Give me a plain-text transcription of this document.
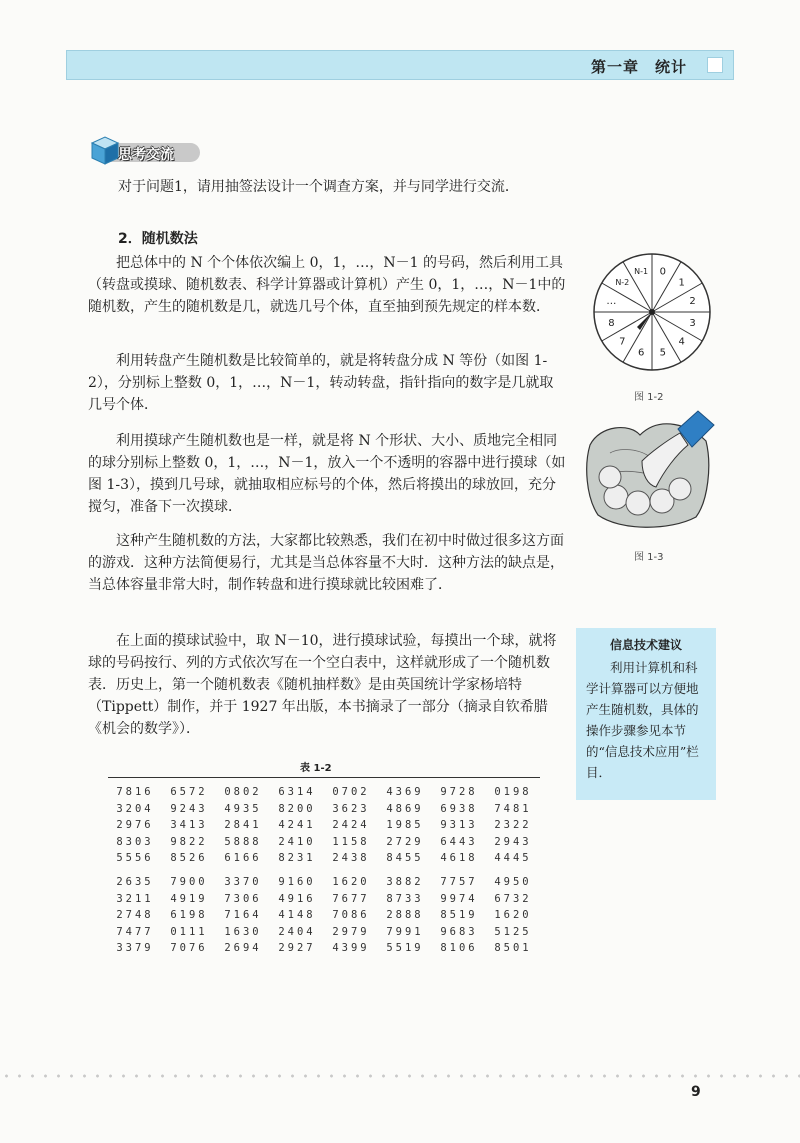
第一章　统计
思考交流

对于问题1，请用抽签法设计一个调查方案，并与同学进行交流．

2．随机数法

把总体中的 N 个个体依次编上 0，1，…，N－1 的号码，然后利用工具（转盘或摸球、随机数表、科学计算器或计算机）产生 0，1，…，N－1中的随机数，产生的随机数是几，就选几号个体，直至抽到预先规定的样本数．

利用转盘产生随机数是比较简单的，就是将转盘分成 N 等份（如图 1-2），分别标上整数 0，1，…，N－1，转动转盘，指针指向的数字是几就取几号个体．

利用摸球产生随机数也是一样，就是将 N 个形状、大小、质地完全相同的球分别标上整数 0，1，…，N－1，放入一个不透明的容器中进行摸球（如图 1-3），摸到几号球，就抽取相应标号的个体，然后将摸出的球放回，充分搅匀，准备下一次摸球．

这种产生随机数的方法，大家都比较熟悉，我们在初中时做过很多这方面的游戏．这种方法简便易行，尤其是当总体容量不大时．这种方法的缺点是，当总体容量非常大时，制作转盘和进行摸球就比较困难了．

在上面的摸球试验中，取 N－10，进行摸球试验，每摸出一个球，就将球的号码按行、列的方式依次写在一个空白表中，这样就形成了一个随机数表．历史上，第一个随机数表《随机抽样数》是由英国统计学家杨培特（Tippett）制作，并于 1927 年出版，本书摘录了一部分（摘录自钦希腊《机会的数学》）．

0
1
2
3
4
5
6
7
8
…
N-2
N-1
图 1-2
图 1-3
信息技术建议
利用计算机和科学计算器可以方便地产生随机数，具体的操作步骤参见本节的“信息技术应用”栏目．
表 1-2
7816	6572	0802	6314	0702	4369	9728	0198
3204	9243	4935	8200	3623	4869	6938	7481
2976	3413	2841	4241	2424	1985	9313	2322
8303	9822	5888	2410	1158	2729	6443	2943
5556	8526	6166	8231	2438	8455	4618	4445
2635	7900	3370	9160	1620	3882	7757	4950
3211	4919	7306	4916	7677	8733	9974	6732
2748	6198	7164	4148	7086	2888	8519	1620
7477	0111	1630	2404	2979	7991	9683	5125
3379	7076	2694	2927	4399	5519	8106	8501
9
